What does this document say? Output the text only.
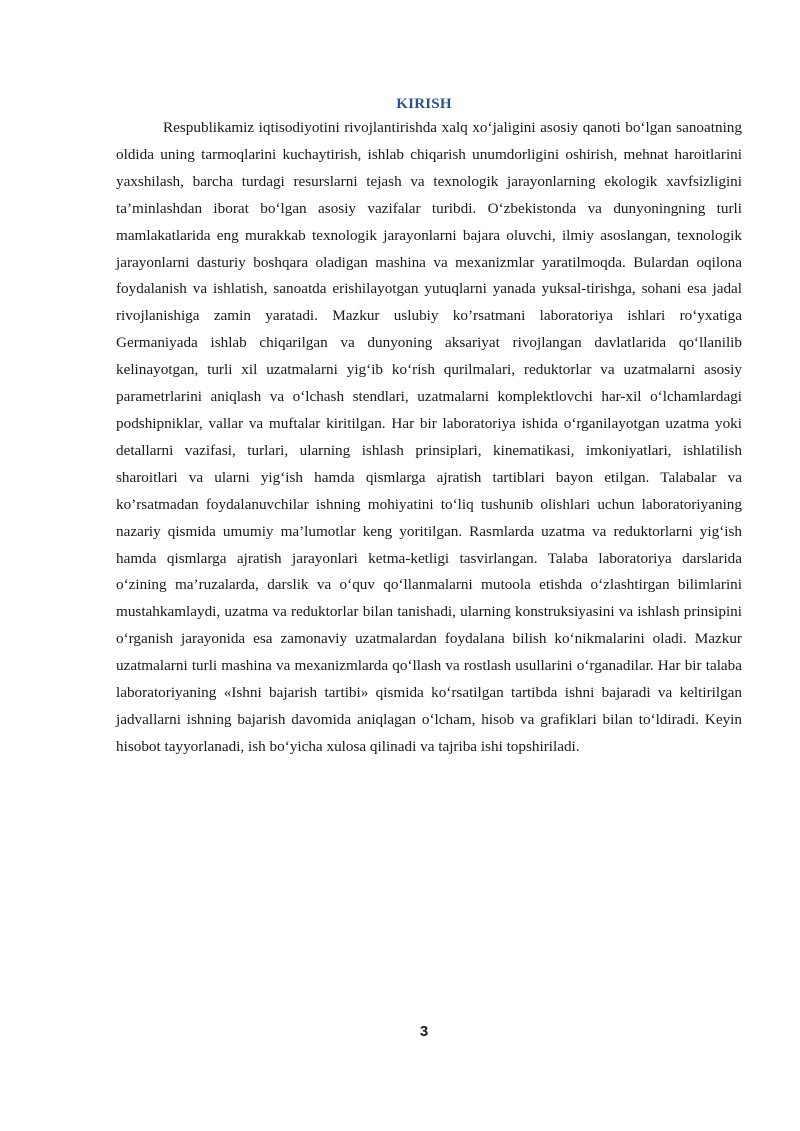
KIRISH

Respublikamiz iqtisodiyotini rivojlantirishda xalq xo‘jaligini asosiy qanoti bo‘lgan sanoatning oldida uning tarmoqlarini kuchaytirish, ishlab chiqarish unumdorligini oshirish, mehnat haroitlarini yaxshilash, barcha turdagi resurslarni tejash va texnologik jarayonlarning ekologik xavfsizligini ta’minlashdan iborat bo‘lgan asosiy vazifalar turibdi. O‘zbekistonda va dunyoningning turli mamlakatlarida eng murakkab texnologik jarayonlarni bajara oluvchi, ilmiy asoslangan, texnologik jarayonlarni dasturiy boshqara oladigan mashina va mexanizmlar yaratilmoqda. Bulardan oqilona foydalanish va ishlatish, sanoatda erishilayotgan yutuqlarni yanada yuksal-tirishga, sohani esa jadal rivojlanishiga zamin yaratadi. Mazkur uslubiy ko’rsatmani laboratoriya ishlari ro‘yxatiga Germaniyada ishlab chiqarilgan va dunyoning aksariyat rivojlangan davlatlarida qo‘llanilib kelinayotgan, turli xil uzatmalarni yig‘ib ko‘rish qurilmalari, reduktorlar va uzatmalarni asosiy parametrlarini aniqlash va o‘lchash stendlari, uzatmalarni komplektlovchi har-xil o‘lchamlardagi podshipniklar, vallar va muftalar kiritilgan. Har bir laboratoriya ishida o‘rganilayotgan uzatma yoki detallarni vazifasi, turlari, ularning ishlash prinsiplari, kinematikasi, imkoniyatlari, ishlatilish sharoitlari va ularni yig‘ish hamda qismlarga ajratish tartiblari bayon etilgan. Talabalar va ko’rsatmadan foydalanuvchilar ishning mohiyatini to‘liq tushunib olishlari uchun laboratoriyaning nazariy qismida umumiy ma’lumotlar keng yoritilgan. Rasmlarda uzatma va reduktorlarni yig‘ish hamda qismlarga ajratish jarayonlari ketma-ketligi tasvirlangan. Talaba laboratoriya darslarida o‘zining ma’ruzalarda, darslik va o‘quv qo‘llanmalarni mutoola etishda o‘zlashtirgan bilimlarini mustahkamlaydi, uzatma va reduktorlar bilan tanishadi, ularning konstruksiyasini va ishlash prinsipini o‘rganish jarayonida esa zamonaviy uzatmalardan foydalana bilish ko‘nikmalarini oladi. Mazkur uzatmalarni turli mashina va mexanizmlarda qo‘llash va rostlash usullarini o‘rganadilar. Har bir talaba laboratoriyaning «Ishni bajarish tartibi» qismida ko‘rsatilgan tartibda ishni bajaradi va keltirilgan jadvallarni ishning bajarish davomida aniqlagan o‘lcham, hisob va grafiklari bilan to‘ldiradi. Keyin hisobot tayyorlanadi, ish bo‘yicha xulosa qilinadi va tajriba ishi topshiriladi.

3
